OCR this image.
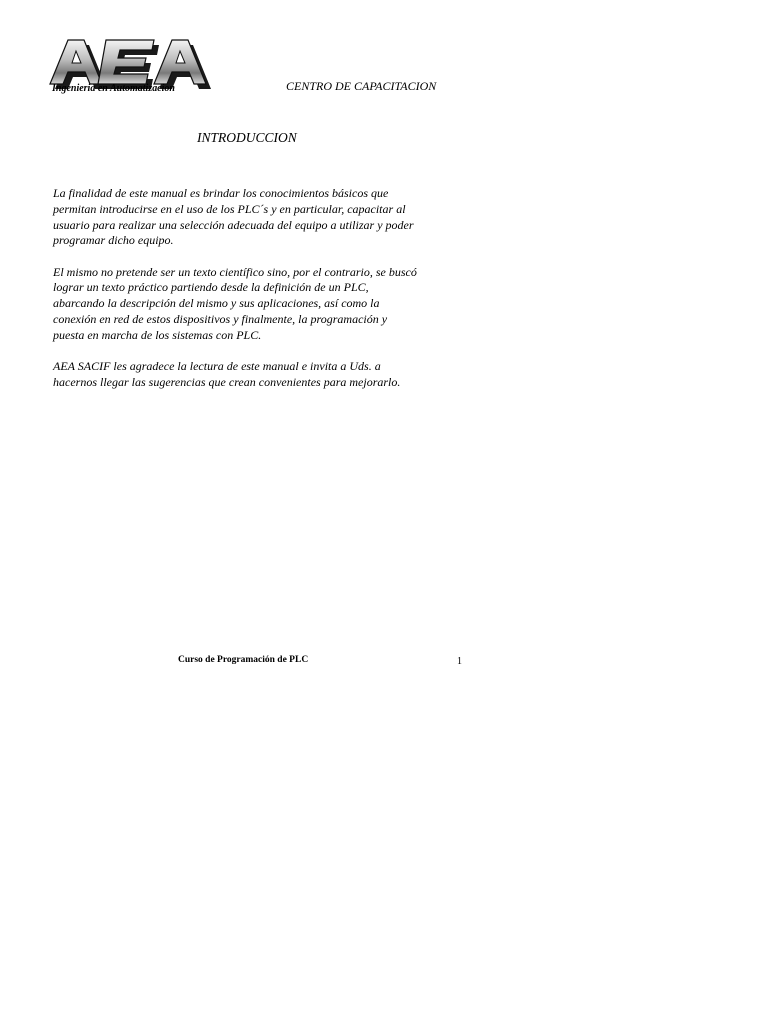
Ingenieria en Automatizacion	CENTRO DE CAPACITACION
INTRODUCCION

La finalidad de este manual es brindar los conocimientos básicos que
permitan introducirse en el uso de los PLC´s y en particular, capacitar al
usuario para realizar una selección adecuada del equipo a utilizar y poder
programar dicho equipo.

El mismo no pretende ser un texto científico sino, por el contrario, se buscó
lograr un texto práctico partiendo desde la definición de un PLC,
abarcando la descripción del mismo y sus aplicaciones, así como la
conexión en red de estos dispositivos y finalmente, la programación y
puesta en marcha de los sistemas con PLC.

AEA SACIF les agradece la lectura de este manual e invita a Uds. a
hacernos llegar las sugerencias que crean convenientes para mejorarlo.

Curso de Programación de PLC	1
